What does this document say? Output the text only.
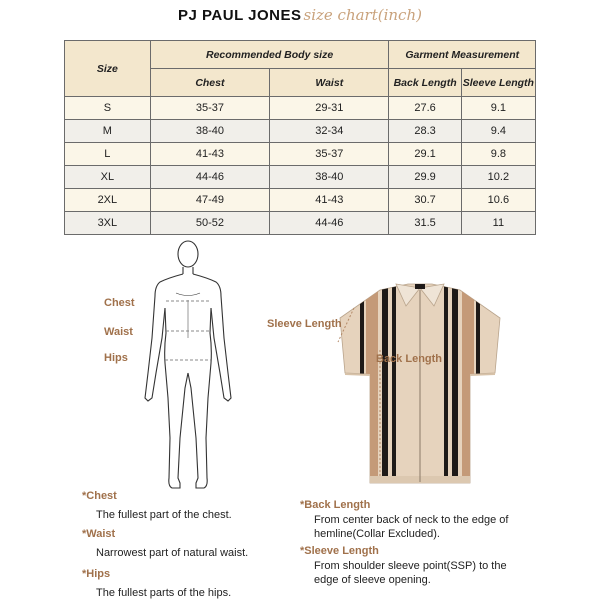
PJ PAUL JONES size chart(inch)
Size	Recommended Body size		Garment Measurement	
	Chest	Waist	Back Length	Sleeve Length
S	35-37	29-31	27.6	9.1
M	38-40	32-34	28.3	9.4
L	41-43	35-37	29.1	9.8
XL	44-46	38-40	29.9	10.2
2XL	47-49	41-43	30.7	10.6
3XL	50-52	44-46	31.5	11
Chest
Waist
Hips
Sleeve Length
Back Length
*Chest
The fullest part of the chest.
*Waist
Narrowest part of natural waist.
*Hips
The fullest parts of the hips.
*Back Length
From center back of neck to the edge of hemline(Collar Excluded).
*Sleeve Length
From shoulder sleeve point(SSP) to the edge of sleeve opening.
